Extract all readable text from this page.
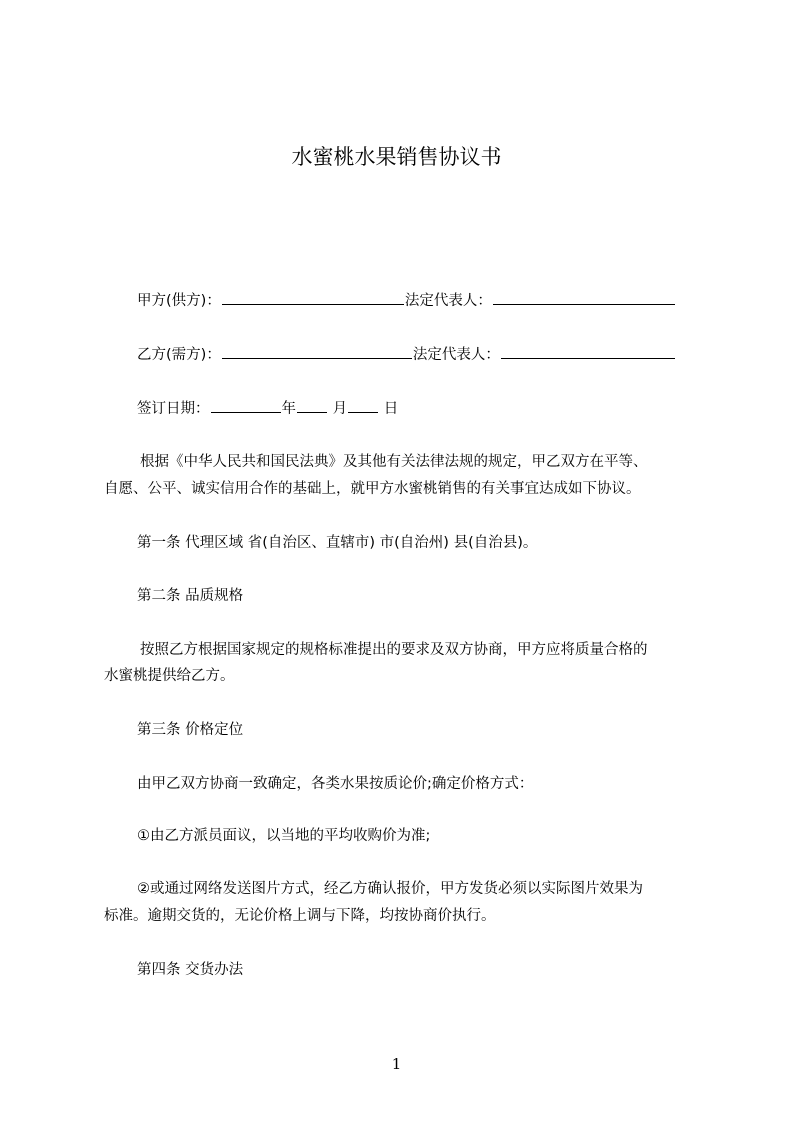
水蜜桃水果销售协议书
甲方(供方)：	法定代表人：
乙方(需方)：	法定代表人：
签订日期：	年	月	日
根据《中华人民共和国民法典》及其他有关法律法规的规定，甲乙双方在平等、
自愿、公平、诚实信用合作的基础上，就甲方水蜜桃销售的有关事宜达成如下协议。
第一条 代理区域 省(自治区、直辖市) 市(自治州) 县(自治县)。
第二条 品质规格
按照乙方根据国家规定的规格标准提出的要求及双方协商，甲方应将质量合格的
水蜜桃提供给乙方。
第三条 价格定位
由甲乙双方协商一致确定，各类水果按质论价;确定价格方式：
①由乙方派员面议，以当地的平均收购价为准;
②或通过网络发送图片方式，经乙方确认报价，甲方发货必须以实际图片效果为
标准。逾期交货的，无论价格上调与下降，均按协商价执行。
第四条 交货办法
1
